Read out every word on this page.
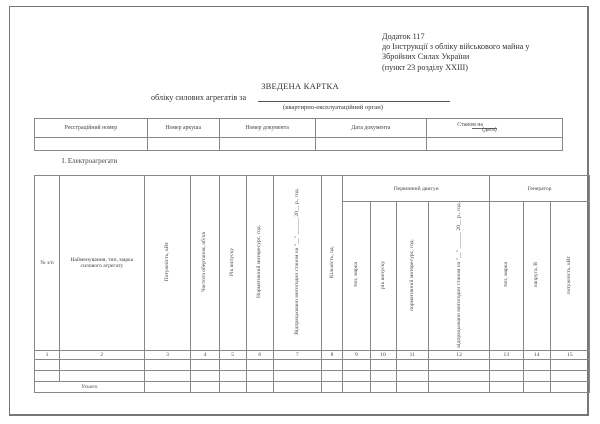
Додаток 117
до Інструкції з обліку військового майна у
Збройних Силах України
(пункт 23 розділу XXIII)
ЗВЕДЕНА КАРТКА
обліку силових агрегатів за
(квартирно-експлуатаційний орган)
Реєстраційний номер	Номер аркуша	Номер документа	Дата документа	Станом на
(дата)

І. Електроагрегати
№ з/п	Найменування, тип, марка силового агрегату	Потужність, кВт	Частота обертання, об/хв	Рік випуску	Нормативний моторесурс, год.	Відпрацьовано мотогодин станом на "__" ______ 20__ р., год.	Кількість, од.	Первинний двигун				Генератор		
								тип, марка	рік випуску	нормативний моторесурс, год.	відпрацьовано мотогодин станом на "__" ______ 20__ р., год.	тип, марка	напруга, В	потужність, кВт
1	2	3	4	5	6	7	8	9	10	11	12	13	14	15

Усього														
